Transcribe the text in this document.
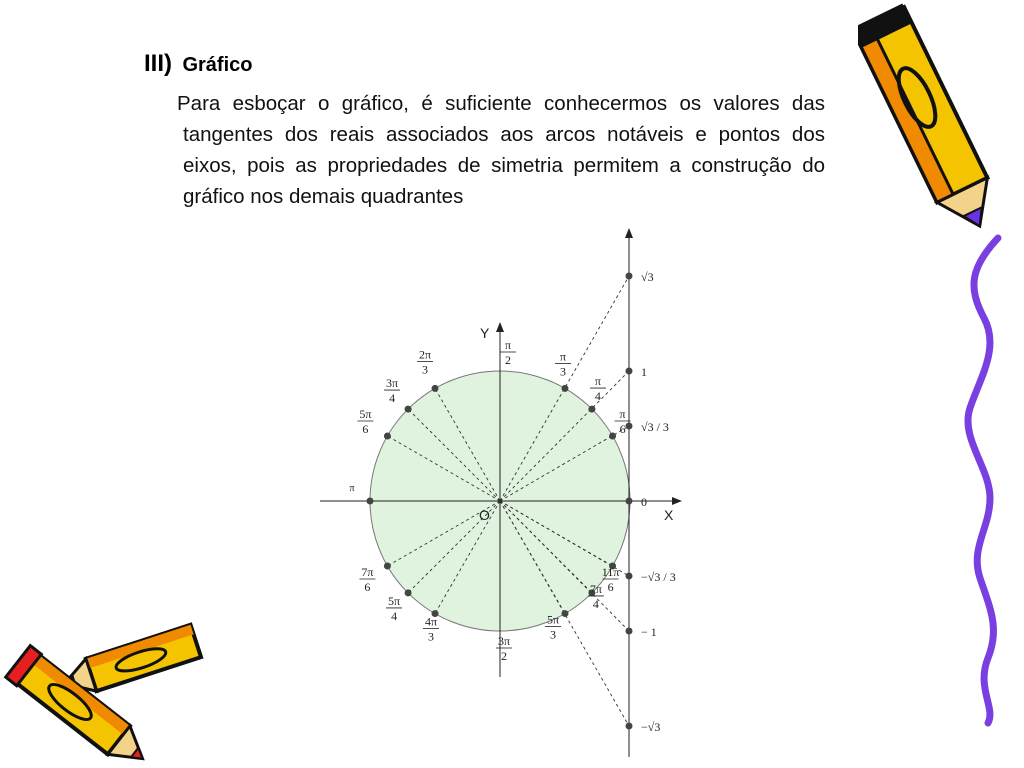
III) Gráfico
Para esboçar o gráfico, é suficiente conhecermos os valores das tangentes dos reais associados aos arcos notáveis e pontos dos eixos, pois as propriedades de simetria permitem a construção do gráfico nos demais quadrantes
π
2	π
3
π
4
π
6
2π
3
3π
4
5π
6
π
7π
6
5π
4 4π
3	3π
2
5π
3
7π
4
11π
6
√3
1
√3 / 3
0
−√3 / 3
− 1
−√3
Y
X
O
